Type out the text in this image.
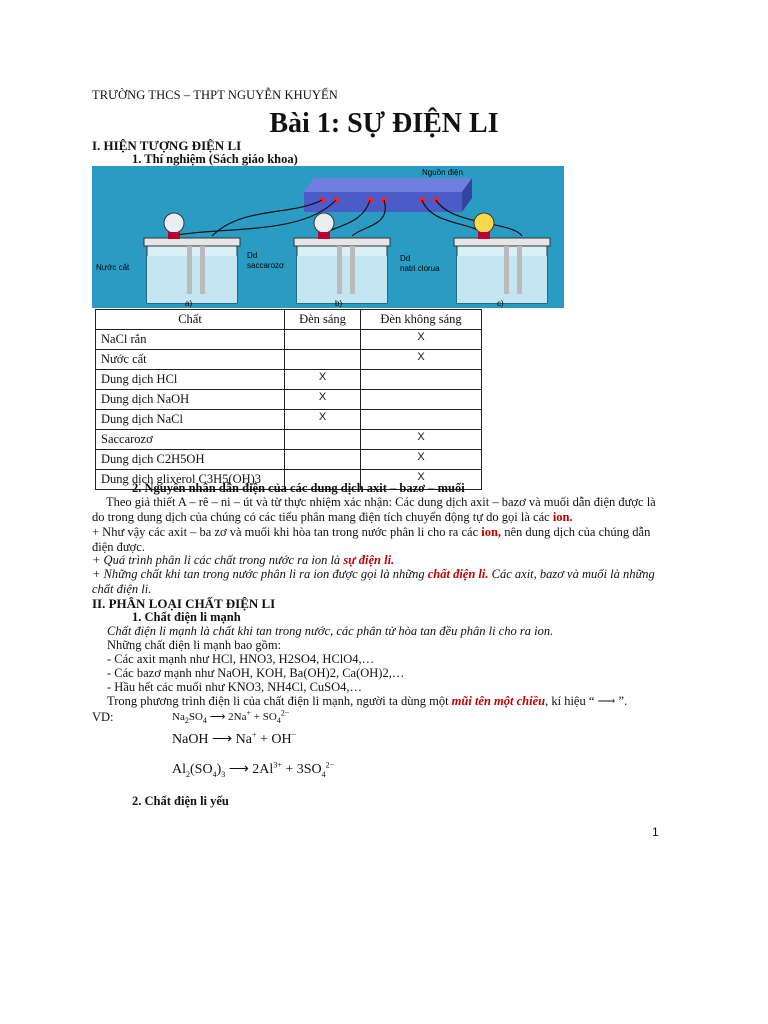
TRƯỜNG THCS – THPT NGUYỄN KHUYẾN
Bài 1: SỰ ĐIỆN LI
I. HIỆN TƯỢNG ĐIỆN LI
1. Thí nghiệm (Sách giáo khoa)
Nguồn điện
Nước cất
Dd
saccarozơ
Dd
natri clorua
a)	b)	c)
Chất	Đèn sáng	Đèn không sáng
NaCl rắn		X
Nước cất		X
Dung dịch HCl	X	
Dung dịch NaOH	X	
Dung dịch NaCl	X	
Saccarozơ		X
Dung dịch C2H5OH		X
Dung dịch glixerol C3H5(OH)3		X
2. Nguyên nhân dẫn điện của các dung dịch axit – bazơ – muối
Theo giả thiết A – rê – ni – út và từ thực nhiệm xác nhận: Các dung dịch axit – bazơ và muối dẫn điện được là do trong dung dịch của chúng có các tiểu phân mang điện tích chuyển động tự do gọi là các ion.
+ Như vậy các axit – ba zơ và muối khi hòa tan trong nước phân li cho ra các ion, nên dung dịch của chúng dẫn điện được.
+ Quá trình phân li các chất trong nước ra ion là sự điện li.
+ Những chất khi tan trong nước phân li ra ion được gọi là những chất điện li. Các axit, bazơ và muối là những chất điện li.
II. PHÂN LOẠI CHẤT ĐIỆN LI
1. Chất điện li mạnh
Chất điện li mạnh là chất khi tan trong nước, các phân tử hòa tan đều phân li cho ra ion.
Những chất điện li mạnh bao gồm:
- Các axit mạnh như HCl, HNO3, H2SO4, HClO4,…
- Các bazơ mạnh như NaOH, KOH, Ba(OH)2, Ca(OH)2,…
- Hầu hết các muối như KNO3, NH4Cl, CuSO4,…
Trong phương trình điện li của chất điện li mạnh, người ta dùng một mũi tên một chiều, kí hiệu “ ⟶ ”.
VD:	$Na_2SO_4$ ⟶ $2Na^+ + SO_4^{2-}$
NaOH ⟶ Na+ + OH−
$Al_2(SO_4)_3$ ⟶ $2Al^{3+} + 3SO_4^{2-}$
2. Chất điện li yếu
1
